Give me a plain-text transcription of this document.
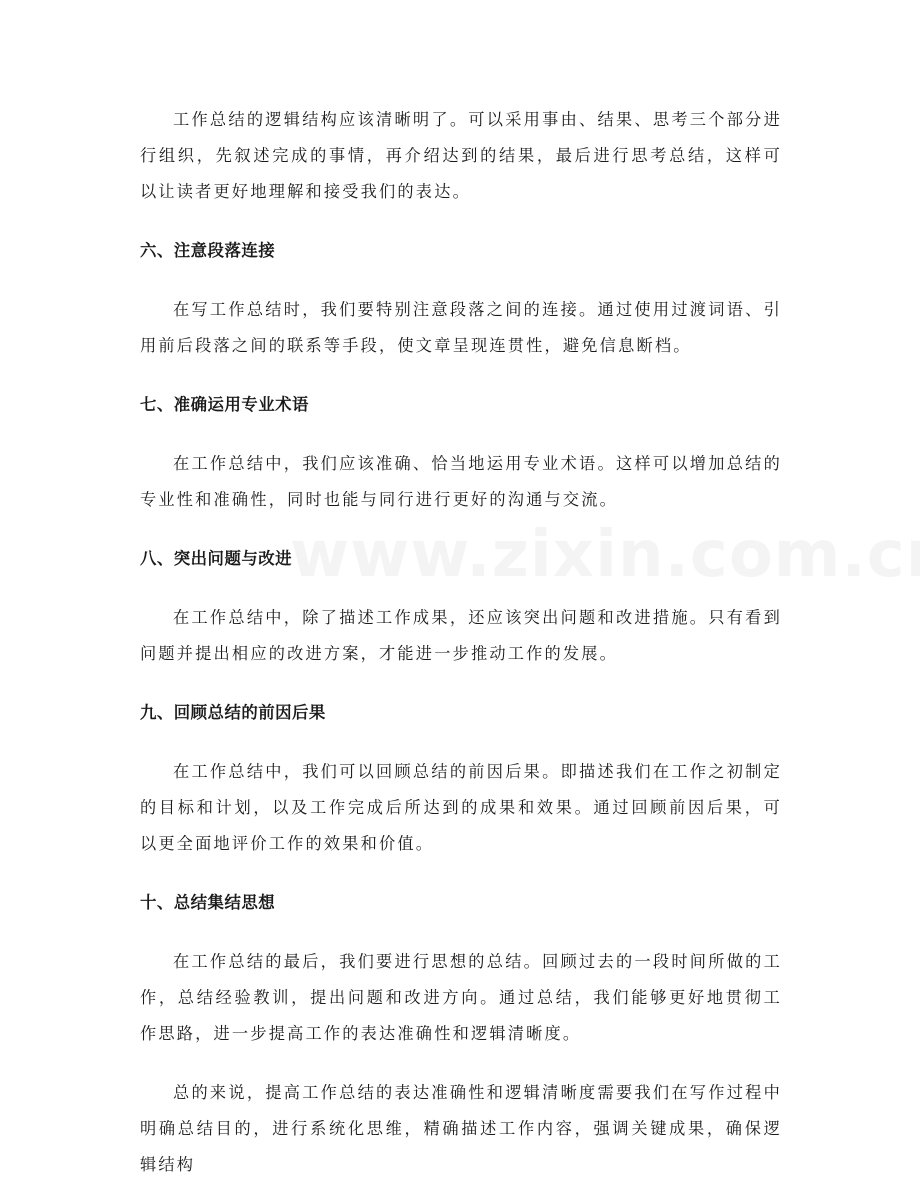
工作总结的逻辑结构应该清晰明了。可以采用事由、结果、思考三个部分进行组织，先叙述完成的事情，再介绍达到的结果，最后进行思考总结，这样可以让读者更好地理解和接受我们的表达。

六、注意段落连接

在写工作总结时，我们要特别注意段落之间的连接。通过使用过渡词语、引用前后段落之间的联系等手段，使文章呈现连贯性，避免信息断档。

七、准确运用专业术语

在工作总结中，我们应该准确、恰当地运用专业术语。这样可以增加总结的专业性和准确性，同时也能与同行进行更好的沟通与交流。

八、突出问题与改进

在工作总结中，除了描述工作成果，还应该突出问题和改进措施。只有看到问题并提出相应的改进方案，才能进一步推动工作的发展。

九、回顾总结的前因后果

在工作总结中，我们可以回顾总结的前因后果。即描述我们在工作之初制定的目标和计划，以及工作完成后所达到的成果和效果。通过回顾前因后果，可以更全面地评价工作的效果和价值。

十、总结集结思想

在工作总结的最后，我们要进行思想的总结。回顾过去的一段时间所做的工作，总结经验教训，提出问题和改进方向。通过总结，我们能够更好地贯彻工作思路，进一步提高工作的表达准确性和逻辑清晰度。

总的来说，提高工作总结的表达准确性和逻辑清晰度需要我们在写作过程中明确总结目的，进行系统化思维，精确描述工作内容，强调关键成果，确保逻辑结构
